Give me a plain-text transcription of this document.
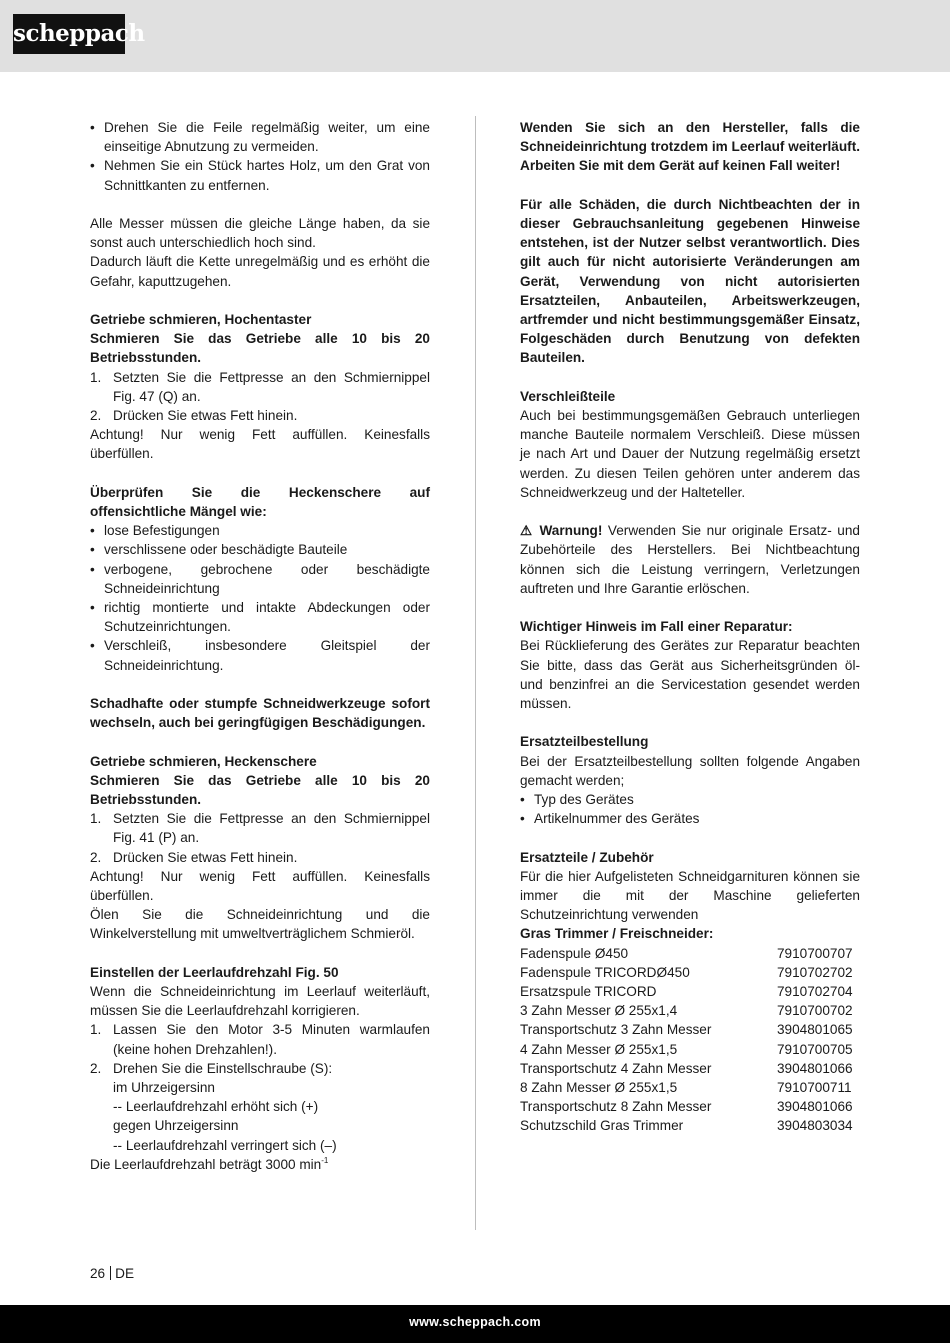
scheppach
• Drehen Sie die Feile regelmäßig weiter, um eine einseitige Abnutzung zu vermeiden.
• Nehmen Sie ein Stück hartes Holz, um den Grat von Schnittkanten zu entfernen.

Alle Messer müssen die gleiche Länge haben, da sie sonst auch unterschiedlich hoch sind.

Dadurch läuft die Kette unregelmäßig und es erhöht die Gefahr, kaputtzugehen.

Getriebe schmieren, Hochentaster

Schmieren Sie das Getriebe alle 10 bis 20 Betriebsstunden.

1. Setzten Sie die Fettpresse an den Schmiernippel Fig. 47 (Q) an.
2. Drücken Sie etwas Fett hinein.

Achtung! Nur wenig Fett auffüllen. Keinesfalls überfüllen.

Überprüfen Sie die Heckenschere auf offensichtliche Mängel wie:

• lose Befestigungen
• verschlissene oder beschädigte Bauteile
• verbogene, gebrochene oder beschädigte Schneideinrichtung
• richtig montierte und intakte Abdeckungen oder Schutzeinrichtungen.
• Verschleiß, insbesondere Gleitspiel der Schneideinrichtung.

Schadhafte oder stumpfe Schneidwerkzeuge sofort wechseln, auch bei geringfügigen Beschädigungen.

Getriebe schmieren, Heckenschere

Schmieren Sie das Getriebe alle 10 bis 20 Betriebsstunden.

1. Setzten Sie die Fettpresse an den Schmiernippel Fig. 41 (P) an.
2. Drücken Sie etwas Fett hinein.

Achtung! Nur wenig Fett auffüllen. Keinesfalls überfüllen.

Ölen Sie die Schneideinrichtung und die Winkelverstellung mit umweltverträglichem Schmieröl.

Einstellen der Leerlaufdrehzahl Fig. 50

Wenn die Schneideinrichtung im Leerlauf weiterläuft, müssen Sie die Leerlaufdrehzahl korrigieren.

1. Lassen Sie den Motor 3-5 Minuten warmlaufen (keine hohen Drehzahlen!).
2. Drehen Sie die Einstellschraube (S):
im Uhrzeigersinn
-- Leerlaufdrehzahl erhöht sich (+)
gegen Uhrzeigersinn
-- Leerlaufdrehzahl verringert sich (–)

Die Leerlaufdrehzahl beträgt 3000 $\min^{-1}$

Wenden Sie sich an den Hersteller, falls die Schneideinrichtung trotzdem im Leerlauf weiterläuft. Arbeiten Sie mit dem Gerät auf keinen Fall weiter!

Für alle Schäden, die durch Nichtbeachten der in dieser Gebrauchsanleitung gegebenen Hinweise entstehen, ist der Nutzer selbst verantwortlich. Dies gilt auch für nicht autorisierte Veränderungen am Gerät, Verwendung von nicht autorisierten Ersatzteilen, Anbauteilen, Arbeitswerkzeugen, artfremder und nicht bestimmungsgemäßer Einsatz, Folgeschäden durch Benutzung von defekten Bauteilen.

Verschleißteile

Auch bei bestimmungsgemäßen Gebrauch unterliegen manche Bauteile normalem Verschleiß. Diese müssen je nach Art und Dauer der Nutzung regelmäßig ersetzt werden. Zu diesen Teilen gehören unter anderem das Schneidwerkzeug und der Halteteller.

⚠ Warnung! Verwenden Sie nur originale Ersatz- und Zubehörteile des Herstellers. Bei Nichtbeachtung können sich die Leistung verringern, Verletzungen auftreten und Ihre Garantie erlöschen.

Wichtiger Hinweis im Fall einer Reparatur:

Bei Rücklieferung des Gerätes zur Reparatur beachten Sie bitte, dass das Gerät aus Sicherheitsgründen öl- und benzinfrei an die Servicestation gesendet werden müssen.

Ersatzteilbestellung

Bei der Ersatzteilbestellung sollten folgende Angaben gemacht werden;

• Typ des Gerätes
• Artikelnummer des Gerätes

Ersatzteile / Zubehör

Für die hier Aufgelisteten Schneidgarnituren können sie immer die mit der Maschine gelieferten Schutzeinrichtung verwenden

Gras Trimmer / Freischneider:

Fadenspule Ø450	7910700707
Fadenspule TRICORDØ450	7910702702
Ersatzspule TRICORD	7910702704
3 Zahn Messer Ø 255x1,4	7910700702
Transportschutz 3 Zahn Messer	3904801065
4 Zahn Messer Ø 255x1,5	7910700705
Transportschutz 4 Zahn Messer	3904801066
8 Zahn Messer Ø 255x1,5	7910700711
Transportschutz 8 Zahn Messer	3904801066
Schutzschild Gras Trimmer	3904803034
26 DE
www.scheppach.com
